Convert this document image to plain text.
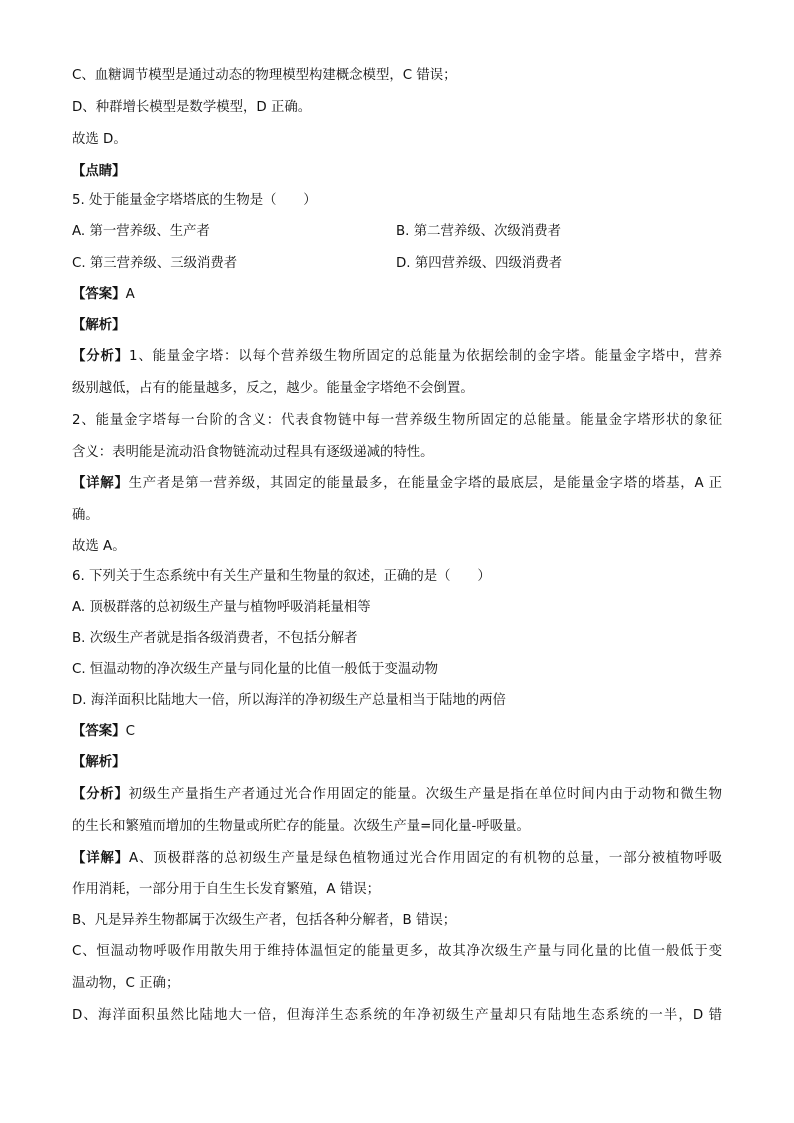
C、血糖调节模型是通过动态的物理模型构建概念模型，C 错误；
D、种群增长模型是数学模型，D 正确。
故选 D。
【点睛】
5. 处于能量金字塔塔底的生物是（　　）
A. 第一营养级、生产者	B. 第二营养级、次级消费者
C. 第三营养级、三级消费者	D. 第四营养级、四级消费者
【答案】A
【解析】
【分析】1、能量金字塔：以每个营养级生物所固定的总能量为依据绘制的金字塔。能量金字塔中，营养
级别越低，占有的能量越多，反之，越少。能量金字塔绝不会倒置。
2、能量金字塔每一台阶的含义：代表食物链中每一营养级生物所固定的总能量。能量金字塔形状的象征
含义：表明能是流动沿食物链流动过程具有逐级递减的特性。
【详解】生产者是第一营养级，其固定的能量最多，在能量金字塔的最底层，是能量金字塔的塔基，A 正
确。
故选 A。
6. 下列关于生态系统中有关生产量和生物量的叙述，正确的是（　　）
A. 顶极群落的总初级生产量与植物呼吸消耗量相等
B. 次级生产者就是指各级消费者，不包括分解者
C. 恒温动物的净次级生产量与同化量的比值一般低于变温动物
D. 海洋面积比陆地大一倍，所以海洋的净初级生产总量相当于陆地的两倍
【答案】C
【解析】
【分析】初级生产量指生产者通过光合作用固定的能量。次级生产量是指在单位时间内由于动物和微生物
的生长和繁殖而增加的生物量或所贮存的能量。次级生产量=同化量-呼吸量。
【详解】A、顶极群落的总初级生产量是绿色植物通过光合作用固定的有机物的总量，一部分被植物呼吸
作用消耗，一部分用于自生生长发育繁殖，A 错误；
B、凡是异养生物都属于次级生产者，包括各种分解者，B 错误；
C、恒温动物呼吸作用散失用于维持体温恒定的能量更多，故其净次级生产量与同化量的比值一般低于变
温动物，C 正确；
D、海洋面积虽然比陆地大一倍，但海洋生态系统的年净初级生产量却只有陆地生态系统的一半，D 错
